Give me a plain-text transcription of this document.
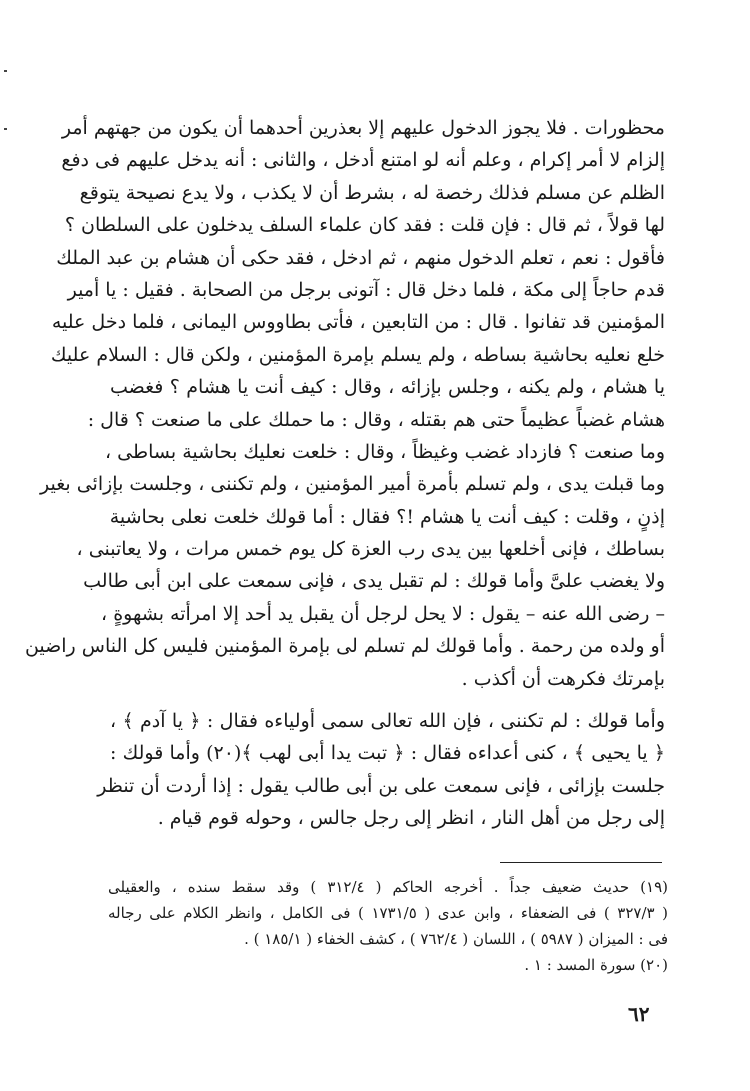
محظورات . فلا يجوز الدخول عليهم إلا بعذرين أحدهما أن يكون من جهتهم أمر
إلزام لا أمر إكرام ، وعلم أنه لو امتنع أدخل ، والثانى : أنه يدخل عليهم فى دفع
الظلم عن مسلم فذلك رخصة له ، بشرط أن لا يكذب ، ولا يدع نصيحة يتوقع
لها قولاً ، ثم قال : فإن قلت : فقد كان علماء السلف يدخلون على السلطان ؟
فأقول : نعم ، تعلم الدخول منهم ، ثم ادخل ، فقد حكى أن هشام بن عبد الملك
قدم حاجاً إلى مكة ، فلما دخل قال : آتونى برجل من الصحابة . فقيل : يا أمير
المؤمنين قد تفانوا . قال : من التابعين ، فأتى بطاووس اليمانى ، فلما دخل عليه
خلع نعليه بحاشية بساطه ، ولم يسلم بإمرة المؤمنين ، ولكن قال : السلام عليك
يا هشام ، ولم يكنه ، وجلس بإزائه ، وقال : كيف أنت يا هشام ؟ فغضب
هشام غضباً عظيماً حتى هم بقتله ، وقال : ما حملك على ما صنعت ؟ قال :
وما صنعت ؟ فازداد غضب وغيظاً ، وقال : خلعت نعليك بحاشية بساطى ،
وما قبلت يدى ، ولم تسلم بأمرة أمير المؤمنين ، ولم تكننى ، وجلست بإزائى بغير
إذنٍ ، وقلت : كيف أنت يا هشام !؟ فقال : أما قولك خلعت نعلى بحاشية
بساطك ، فإنى أخلعها بين يدى رب العزة كل يوم خمس مرات ، ولا يعاتبنى ،
ولا يغضب علىَّ وأما قولك : لم تقبل يدى ، فإنى سمعت على ابن أبى طالب
– رضى الله عنه – يقول : لا يحل لرجل أن يقبل يد أحد إلا امرأته بشهوةٍ ،
أو ولده من رحمة . وأما قولك لم تسلم لى بإمرة المؤمنين فليس كل الناس راضين
بإمرتك فكرهت أن أكذب .
وأما قولك : لم تكننى ، فإن الله تعالى سمى أولياءه فقال : ﴿ يا آدم ﴾ ،
﴿ يا يحيى ﴾ ، كنى أعداءه فقال : ﴿ تبت يدا أبى لهب ﴾(٢٠) وأما قولك :
جلست بإزائى ، فإنى سمعت على بن أبى طالب يقول : إذا أردت أن تنظر
إلى رجل من أهل النار ، انظر إلى رجل جالس ، وحوله قوم قيام .
(١٩) حديث ضعيف جداً . أخرجه الحاكم ( ٣١٢/٤ ) وقد سقط سنده ، والعقيلى
( ٣٢٧/٣ ) فى الضعفاء ، وابن عدى ( ١٧٣١/٥ ) فى الكامل ، وانظر الكلام على رجاله
فى : الميزان ( ٥٩٨٧ ) ، اللسان ( ٧٦٢/٤ ) ، كشف الخفاء ( ١٨٥/١ ) .
(٢٠) سورة المسد : ١ .
٦٢
